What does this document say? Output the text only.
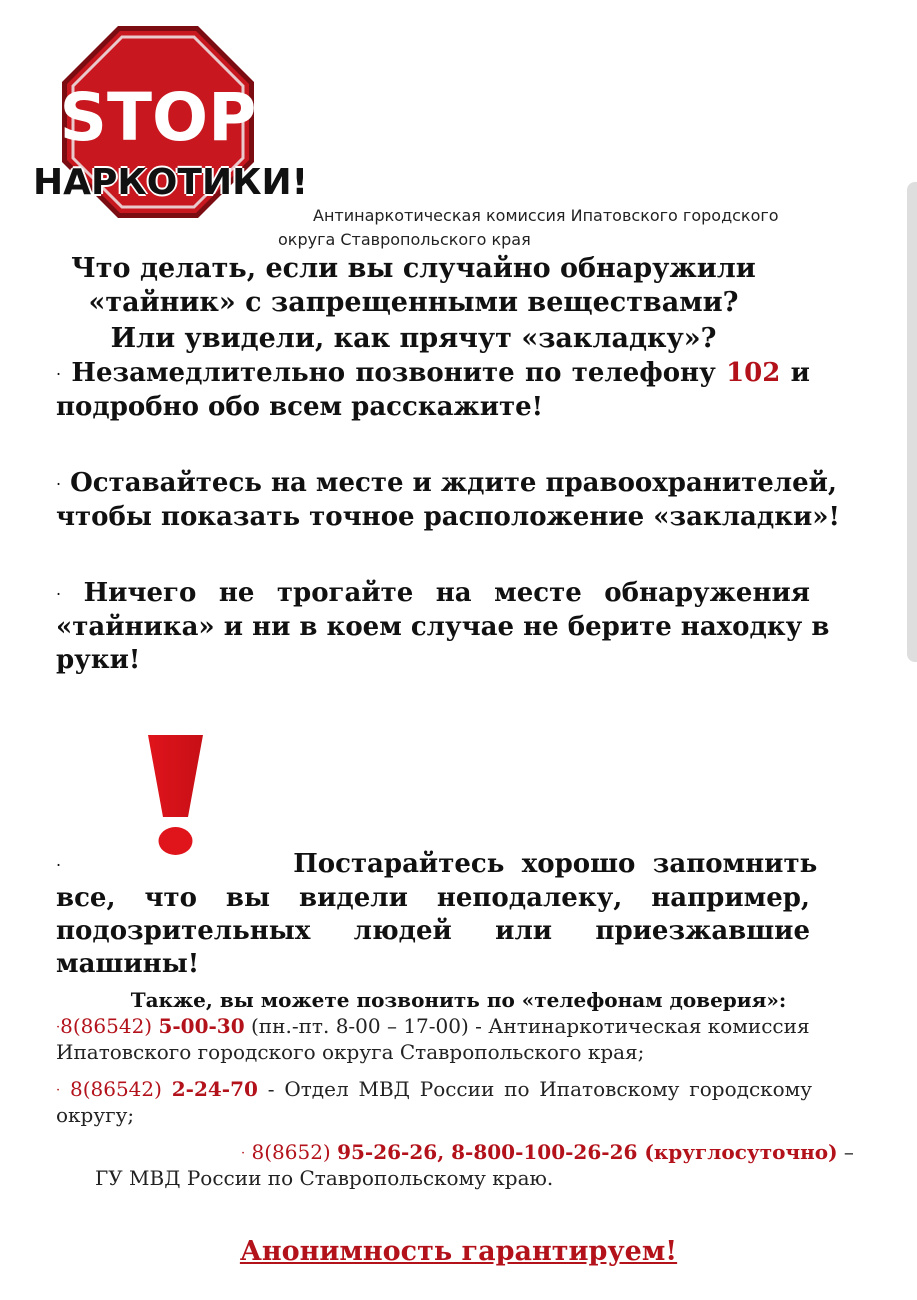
STOP
НАРКОТИКИ!
Антинаркотическая комиссия Ипатовского городского
округа Ставропольского края
Что делать, если вы случайно обнаружили
«тайник» с запрещенными веществами?
Или увидели, как прячут «закладку»?
· Незамедлительно позвоните по телефону 102 и
подробно обо всем расскажите!
· Оставайтесь на месте и ждите правоохранителей,
чтобы показать точное расположение «закладки»!
· Ничего не трогайте на месте обнаружения
«тайника» и ни в коем случае не берите находку в
руки!
·	Постарайтесь хорошо запомнить
все, что вы видели неподалеку, например,
подозрительных людей или приезжавшие
машины!
Также, вы можете позвонить по «телефонам доверия»:
·8(86542) 5-00-30 (пн.-пт. 8-00 – 17-00) - Антинаркотическая комиссия
Ипатовского городского округа Ставропольского края;
· 8(86542) 2-24-70 - Отдел МВД России по Ипатовскому городскому
округу;
· 8(8652) 95-26-26, 8-800-100-26-26 (круглосуточно) –
ГУ МВД России по Ставропольскому краю.
Анонимность гарантируем!
